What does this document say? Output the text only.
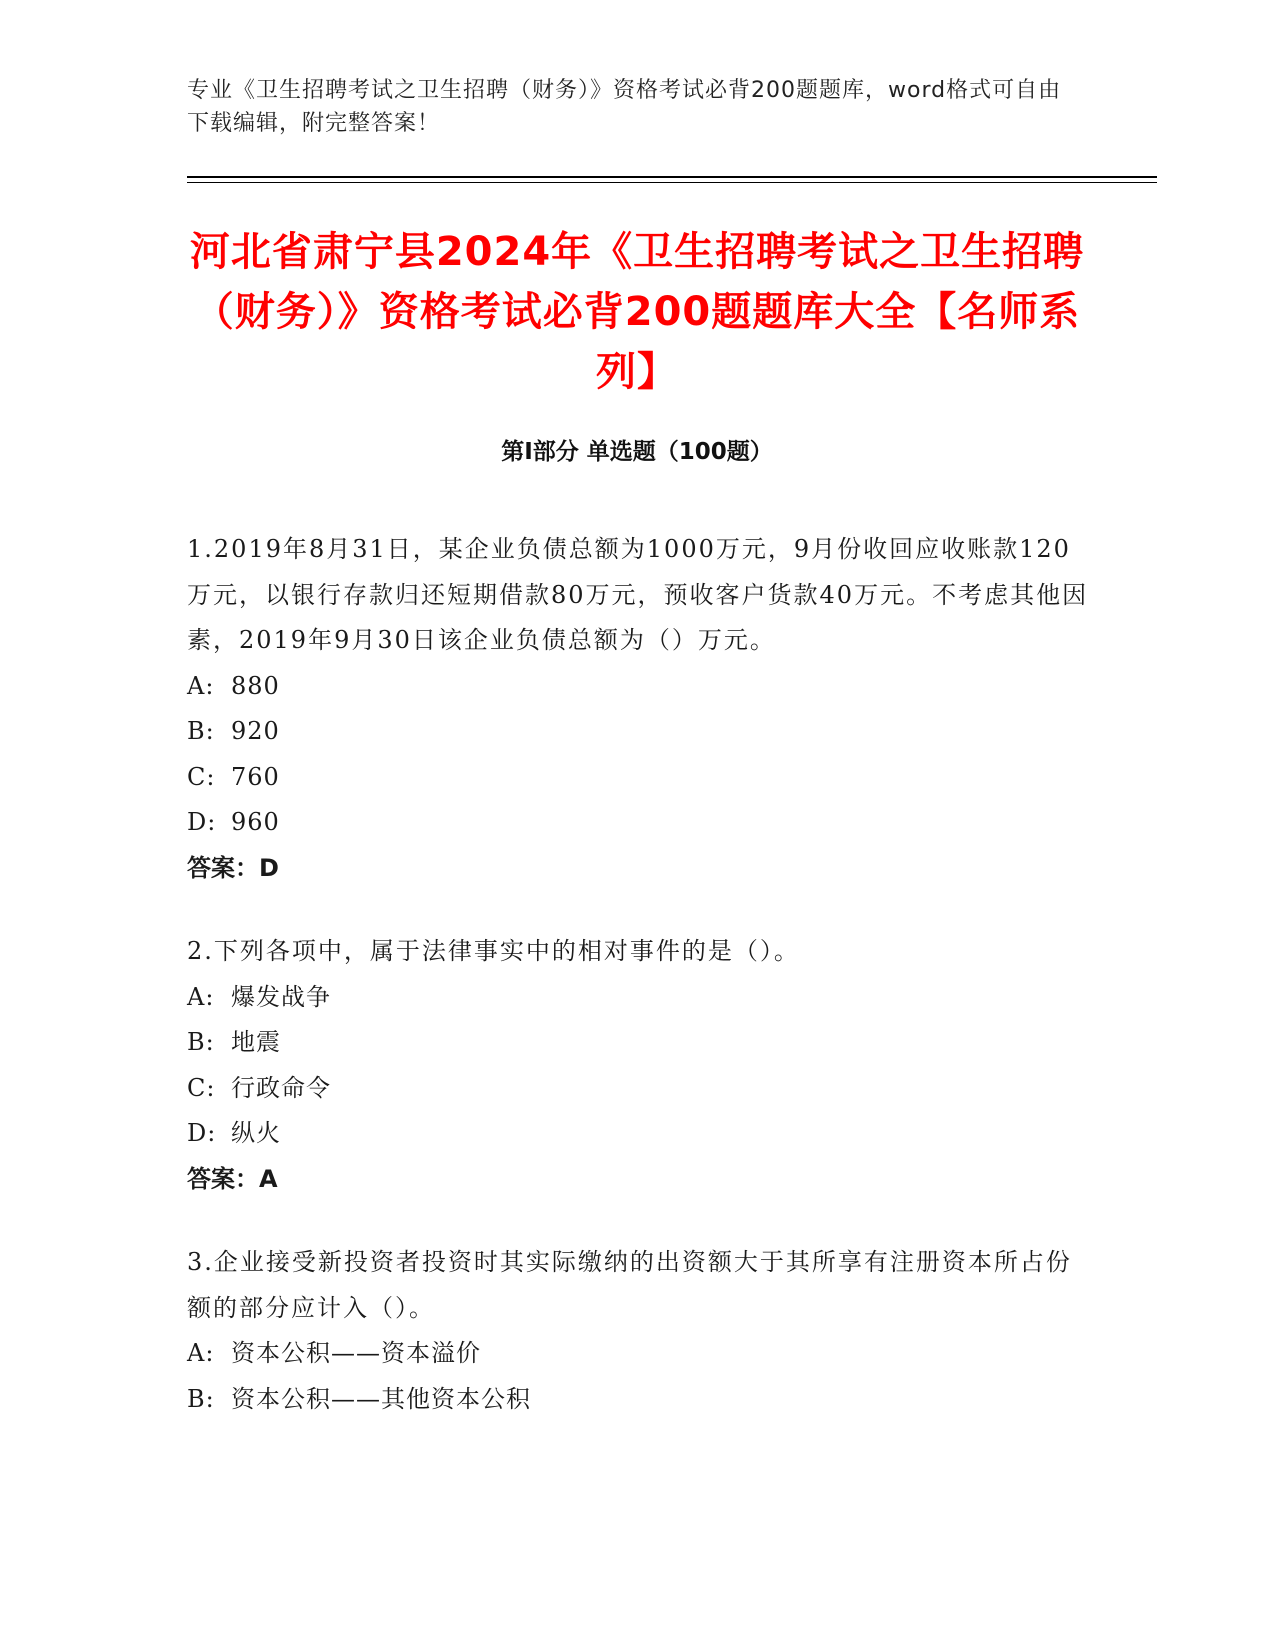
专业《卫生招聘考试之卫生招聘（财务）》资格考试必背200题题库，word格式可自由下载编辑，附完整答案！
河北省肃宁县2024年《卫生招聘考试之卫生招聘（财务）》资格考试必背200题题库大全【名师系列】
第Ⅰ部分 单选题（100题）

1.2019年8月31日，某企业负债总额为1000万元，9月份收回应收账款120万元，以银行存款归还短期借款80万元，预收客户货款40万元。不考虑其他因素，2019年9月30日该企业负债总额为（）万元。

A: 880

B: 920

C: 760

D: 960

答案：D

2.下列各项中，属于法律事实中的相对事件的是（）。

A: 爆发战争

B: 地震

C: 行政命令

D: 纵火

答案：A

3.企业接受新投资者投资时其实际缴纳的出资额大于其所享有注册资本所占份额的部分应计入（）。

A: 资本公积——资本溢价

B: 资本公积——其他资本公积
